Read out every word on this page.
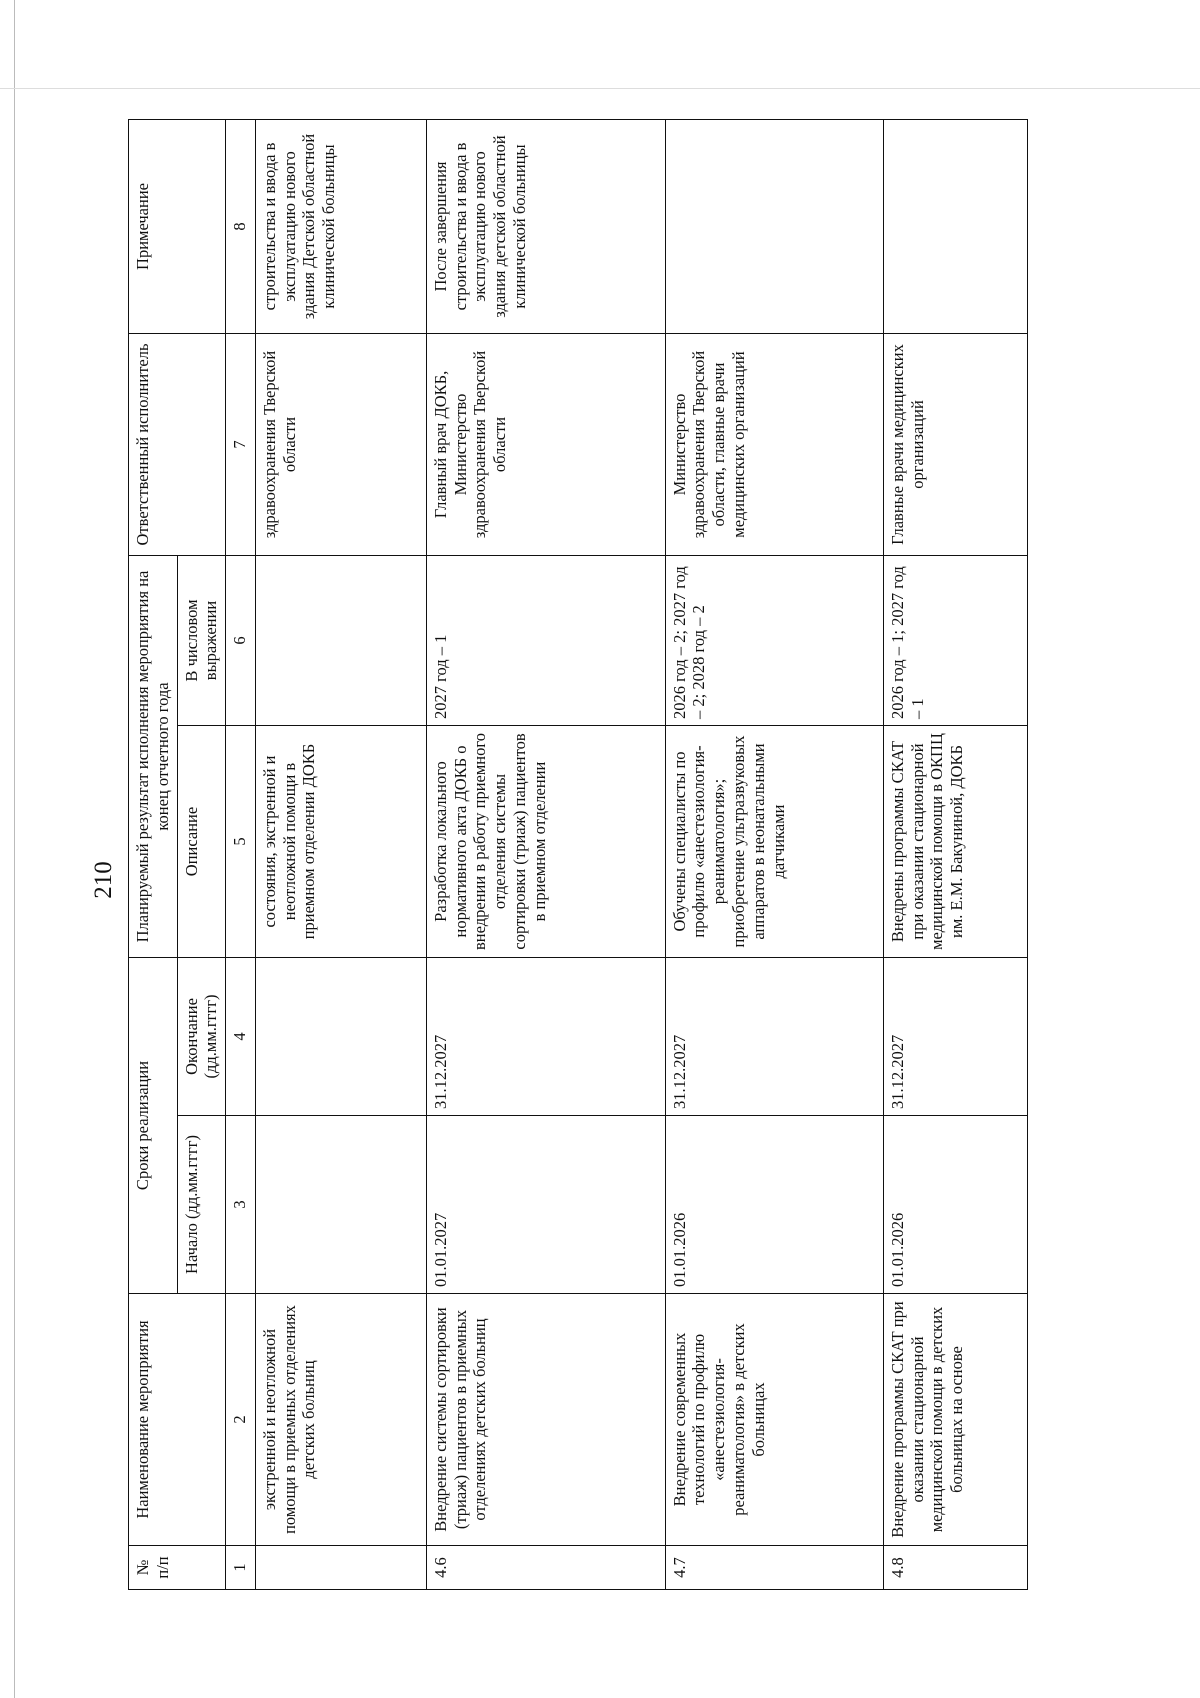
210
№ п/п	Наименование мероприятия	Сроки реализации		Планируемый результат исполнения мероприятия на конец отчетного года		Ответственный исполнитель	Примечание
		Начало (дд.мм.гггг)	Окончание (дд.мм.гггг)	Описание	В числовом выражении		
1	2	3	4	5	6	7	8
	экстренной и неотложной помощи в приемных отделениях детских больниц			состояния, экстренной и неотложной помощи в приемном отделении ДОКБ		здравоохранения Тверской области	строительства и ввода в эксплуатацию нового здания Детской областной клинической больницы
4.6	Внедрение системы сортировки (триаж) пациентов в приемных отделениях детских больниц	01.01.2027	31.12.2027	Разработка локального нормативного акта ДОКБ о внедрении в работу приемного отделения системы сортировки (триаж) пациентов в приемном отделении	2027 год – 1	Главный врач ДОКБ, Министерство здравоохранения Тверской области	После завершения строительства и ввода в эксплуатацию нового здания детской областной клинической больницы
4.7	Внедрение современных технологий по профилю «анестезиология-реаниматология» в детских больницах	01.01.2026	31.12.2027	Обучены специалисты по профилю «анестезиология-реаниматология»; приобретение ультразвуковых аппаратов в неонатальными датчиками	2026 год – 2; 2027 год – 2; 2028 год – 2	Министерство здравоохранения Тверской области, главные врачи медицинских организаций	
4.8	Внедрение программы СКАТ при оказании стационарной медицинской помощи в детских больницах на основе	01.01.2026	31.12.2027	Внедрены программы СКАТ при оказании стационарной медицинской помощи в ОКПЦ им. Е.М. Бакуниной, ДОКБ	2026 год – 1; 2027 год – 1	Главные врачи медицинских организаций	
